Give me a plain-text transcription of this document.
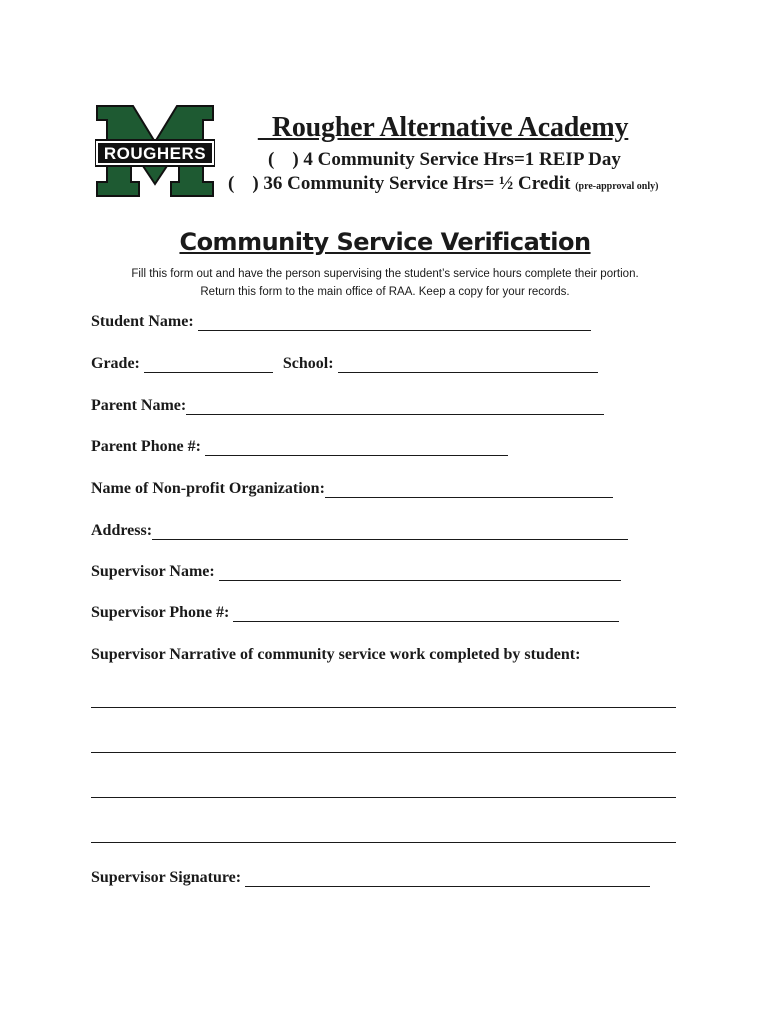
ROUGHERS
_Rougher Alternative Academy
( ) 4 Community Service Hrs=1 REIP Day
( ) 36 Community Service Hrs= ½ Credit (pre-approval only)
Community Service Verification
Fill this form out and have the person supervising the student’s service hours complete their portion.
Return this form to the main office of RAA. Keep a copy for your records.
Student Name:
Grade:	School:
Parent Name:
Parent Phone #:
Name of Non-profit Organization:
Address:
Supervisor Name:
Supervisor Phone #:
Supervisor Narrative of community service work completed by student:
Supervisor Signature:
